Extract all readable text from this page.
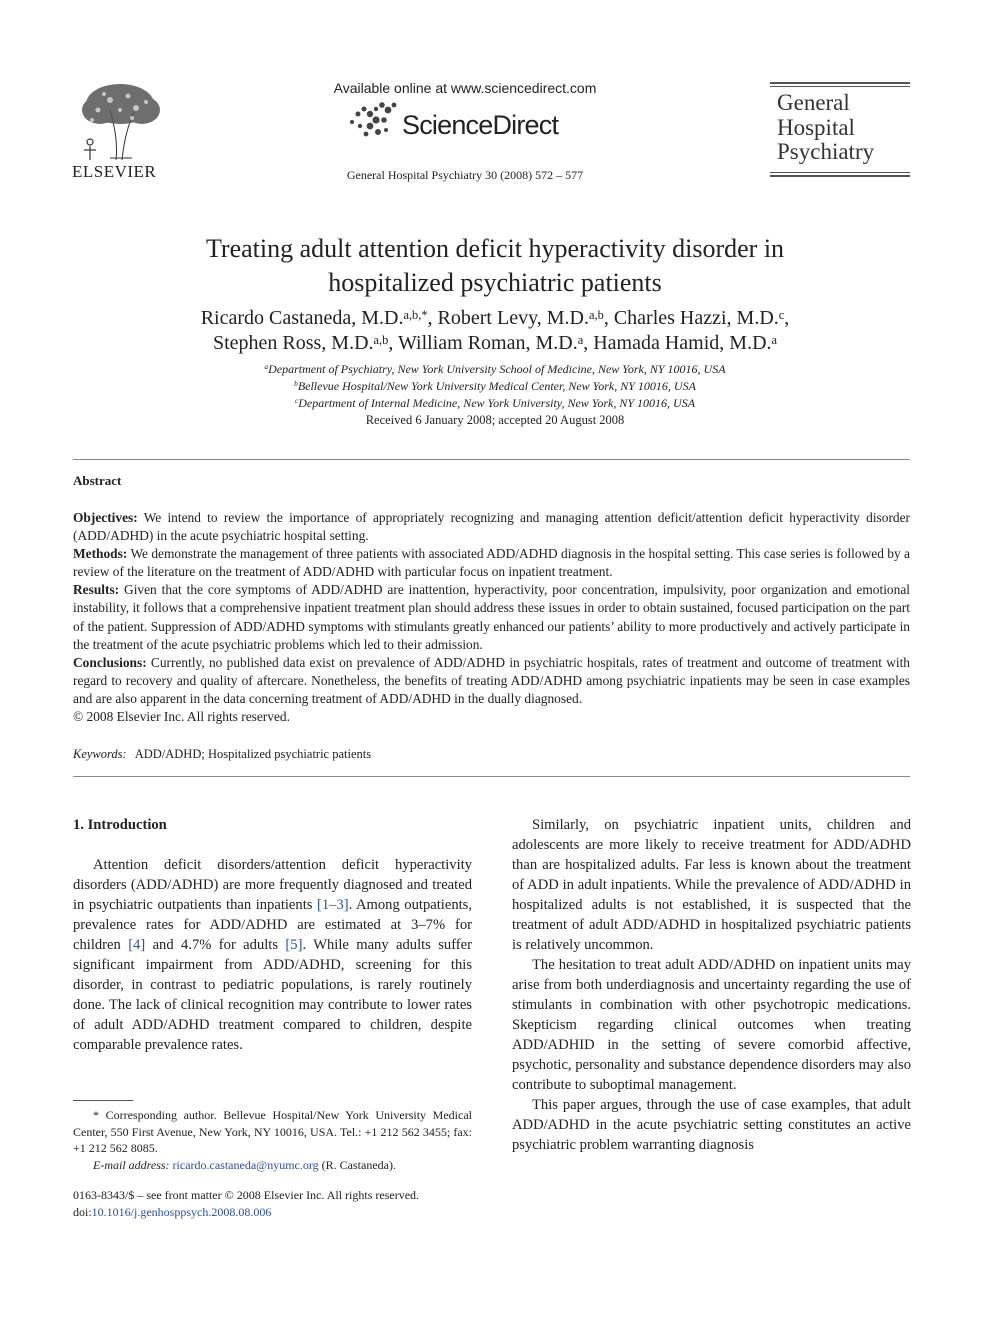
ELSEVIER
Available online at www.sciencedirect.com
ScienceDirect
General Hospital Psychiatry 30 (2008) 572 – 577
General
Hospital
Psychiatry
Treating adult attention deficit hyperactivity disorder in
hospitalized psychiatric patients
Ricardo Castaneda, M.D.$^{a,b,*}$, Robert Levy, M.D.$^{a,b}$, Charles Hazzi, M.D.$^c$,
Stephen Ross, M.D.$^{a,b}$, William Roman, M.D.$^a$, Hamada Hamid, M.D.$^a$
$^a$Department of Psychiatry, New York University School of Medicine, New York, NY 10016, USA
$^b$Bellevue Hospital/New York University Medical Center, New York, NY 10016, USA
$^c$Department of Internal Medicine, New York University, New York, NY 10016, USA
Received 6 January 2008; accepted 20 August 2008
Abstract

Objectives: We intend to review the importance of appropriately recognizing and managing attention deficit/attention deficit hyperactivity disorder (ADD/ADHD) in the acute psychiatric hospital setting.

Methods: We demonstrate the management of three patients with associated ADD/ADHD diagnosis in the hospital setting. This case series is followed by a review of the literature on the treatment of ADD/ADHD with particular focus on inpatient treatment.

Results: Given that the core symptoms of ADD/ADHD are inattention, hyperactivity, poor concentration, impulsivity, poor organization and emotional instability, it follows that a comprehensive inpatient treatment plan should address these issues in order to obtain sustained, focused participation on the part of the patient. Suppression of ADD/ADHD symptoms with stimulants greatly enhanced our patients’ ability to more productively and actively participate in the treatment of the acute psychiatric problems which led to their admission.

Conclusions: Currently, no published data exist on prevalence of ADD/ADHD in psychiatric hospitals, rates of treatment and outcome of treatment with regard to recovery and quality of aftercare. Nonetheless, the benefits of treating ADD/ADHD among psychiatric inpatients may be seen in case examples and are also apparent in the data concerning treatment of ADD/ADHD in the dually diagnosed.

© 2008 Elsevier Inc. All rights reserved.

Keywords: ADD/ADHD; Hospitalized psychiatric patients
1. Introduction

Attention deficit disorders/attention deficit hyperactivity disorders (ADD/ADHD) are more frequently diagnosed and treated in psychiatric outpatients than inpatients [1–3]. Among outpatients, prevalence rates for ADD/ADHD are estimated at 3–7% for children [4] and 4.7% for adults [5]. While many adults suffer significant impairment from ADD/ADHD, screening for this disorder, in contrast to pediatric populations, is rarely routinely done. The lack of clinical recognition may contribute to lower rates of adult ADD/ADHD treatment compared to children, despite comparable prevalence rates.

Similarly, on psychiatric inpatient units, children and adolescents are more likely to receive treatment for ADD/ADHD than are hospitalized adults. Far less is known about the treatment of ADD in adult inpatients. While the prevalence of ADD/ADHD in hospitalized adults is not established, it is suspected that the treatment of adult ADD/ADHD in hospitalized psychiatric patients is relatively uncommon.

The hesitation to treat adult ADD/ADHD on inpatient units may arise from both underdiagnosis and uncertainty regarding the use of stimulants in combination with other psychotropic medications. Skepticism regarding clinical outcomes when treating ADD/ADHID in the setting of severe comorbid affective, psychotic, personality and substance dependence disorders may also contribute to suboptimal management.

This paper argues, through the use of case examples, that adult ADD/ADHD in the acute psychiatric setting constitutes an active psychiatric problem warranting diagnosis

* Corresponding author. Bellevue Hospital/New York University Medical Center, 550 First Avenue, New York, NY 10016, USA. Tel.: +1 212 562 3455; fax: +1 212 562 8085.

E-mail address: ricardo.castaneda@nyumc.org (R. Castaneda).

0163-8343/$ – see front matter © 2008 Elsevier Inc. All rights reserved.

doi:10.1016/j.genhosppsych.2008.08.006
